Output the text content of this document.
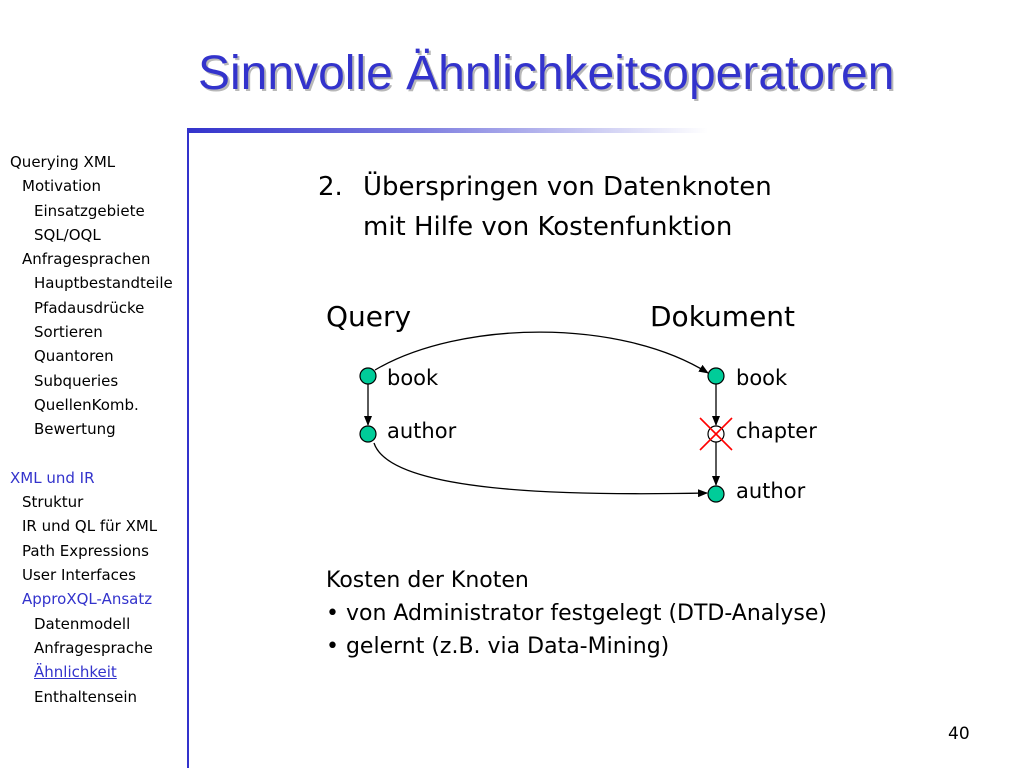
Sinnvolle Ähnlichkeitsoperatoren
Querying XML
Motivation
Einsatzgebiete
SQL/OQL
Anfragesprachen
Hauptbestandteile
Pfadausdrücke
Sortieren
Quantoren
Subqueries
QuellenKomb.
Bewertung
XML und IR
Struktur
IR und QL für XML
Path Expressions
User Interfaces
ApproXQL-Ansatz
Datenmodell
Anfragesprache
Ähnlichkeit
Enthaltensein
2. Überspringen von Datenknoten
mit Hilfe von Kostenfunktion
Query	Dokument
book
author
book
chapter
author
Kosten der Knoten
• von Administrator festgelegt (DTD-Analyse)
• gelernt (z.B. via Data-Mining)
40
